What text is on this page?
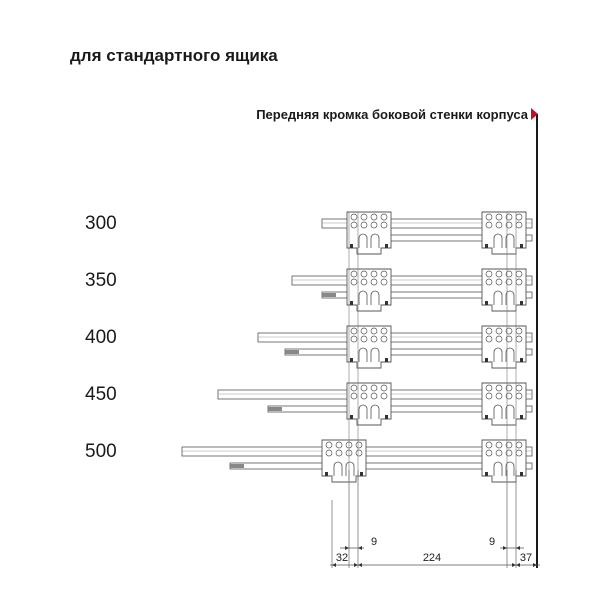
для стандартного ящика
Передняя кромка боковой стенки корпуса
300
350
400
450
500
9	9
32	224	37
